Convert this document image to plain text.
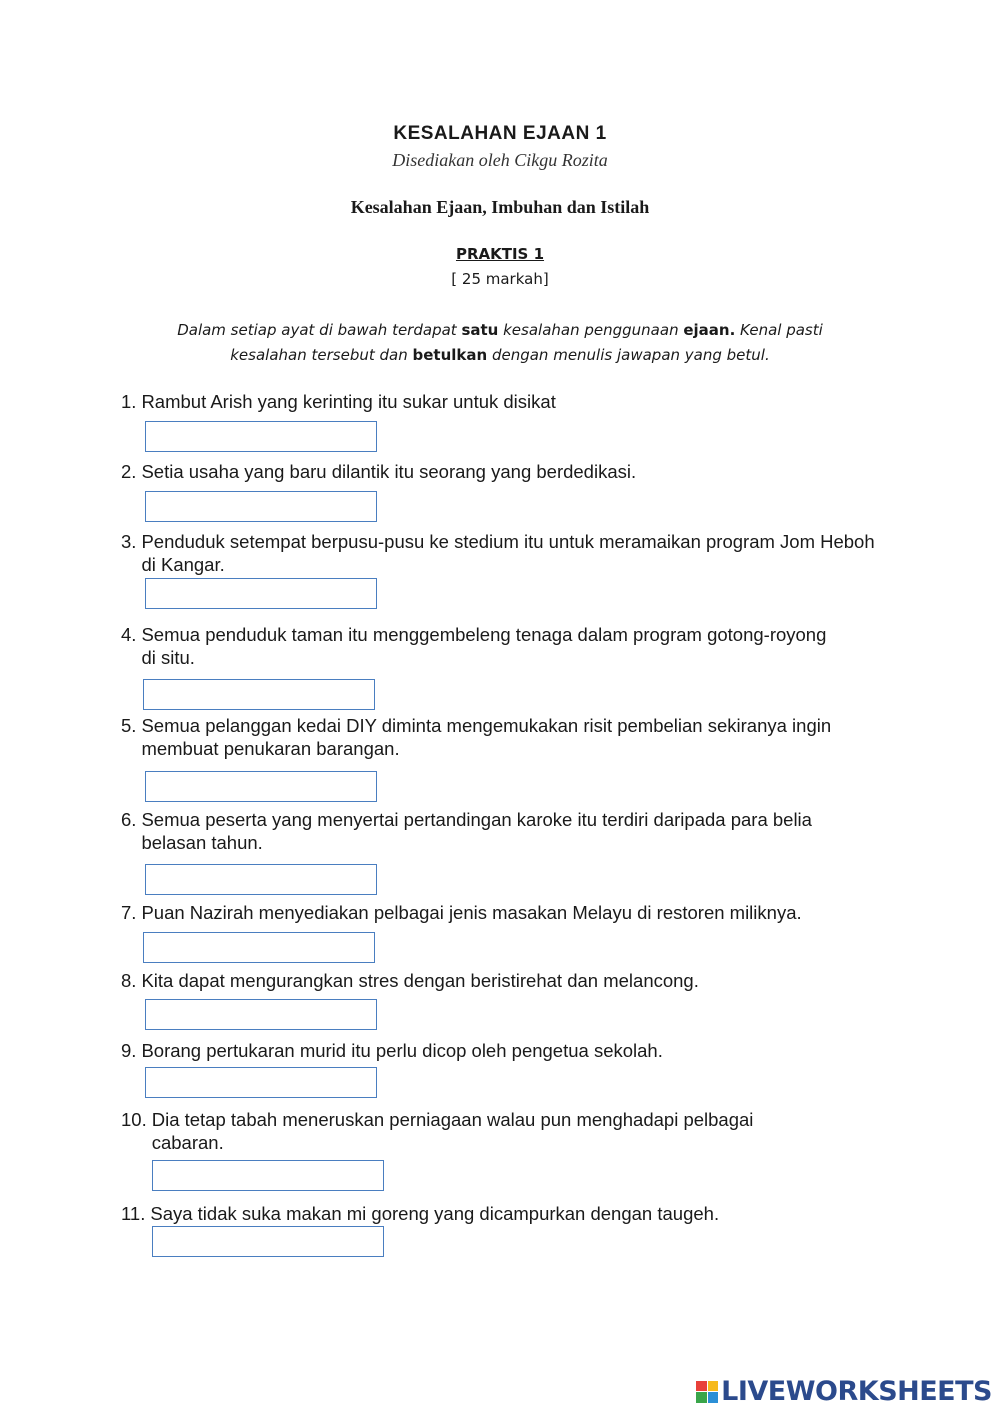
KESALAHAN EJAAN 1
Disediakan oleh Cikgu Rozita
Kesalahan Ejaan, Imbuhan dan Istilah
PRAKTIS 1
[ 25 markah]
Dalam setiap ayat di bawah terdapat satu kesalahan penggunaan ejaan. Kenal pasti kesalahan tersebut dan betulkan dengan menulis jawapan yang betul.
1. Rambut Arish yang kerinting itu sukar untuk disikat
2. Setia usaha yang baru dilantik itu seorang yang berdedikasi.
3. Penduduk setempat berpusu-pusu ke stedium itu untuk meramaikan program Jom Heboh di Kangar.
4. Semua penduduk taman itu menggembeleng tenaga dalam program gotong-royong di situ.
5. Semua pelanggan kedai DIY diminta mengemukakan risit pembelian sekiranya ingin membuat penukaran barangan.
6. Semua peserta yang menyertai pertandingan karoke itu terdiri daripada para belia belasan tahun.
7. Puan Nazirah menyediakan pelbagai jenis masakan Melayu di restoren miliknya.
8. Kita dapat mengurangkan stres dengan beristirehat dan melancong.
9. Borang pertukaran murid itu perlu dicop oleh pengetua sekolah.
10. Dia tetap tabah meneruskan perniagaan walau pun menghadapi pelbagai cabaran.
11. Saya tidak suka makan mi goreng yang dicampurkan dengan taugeh.
LIVEWORKSHEETS
